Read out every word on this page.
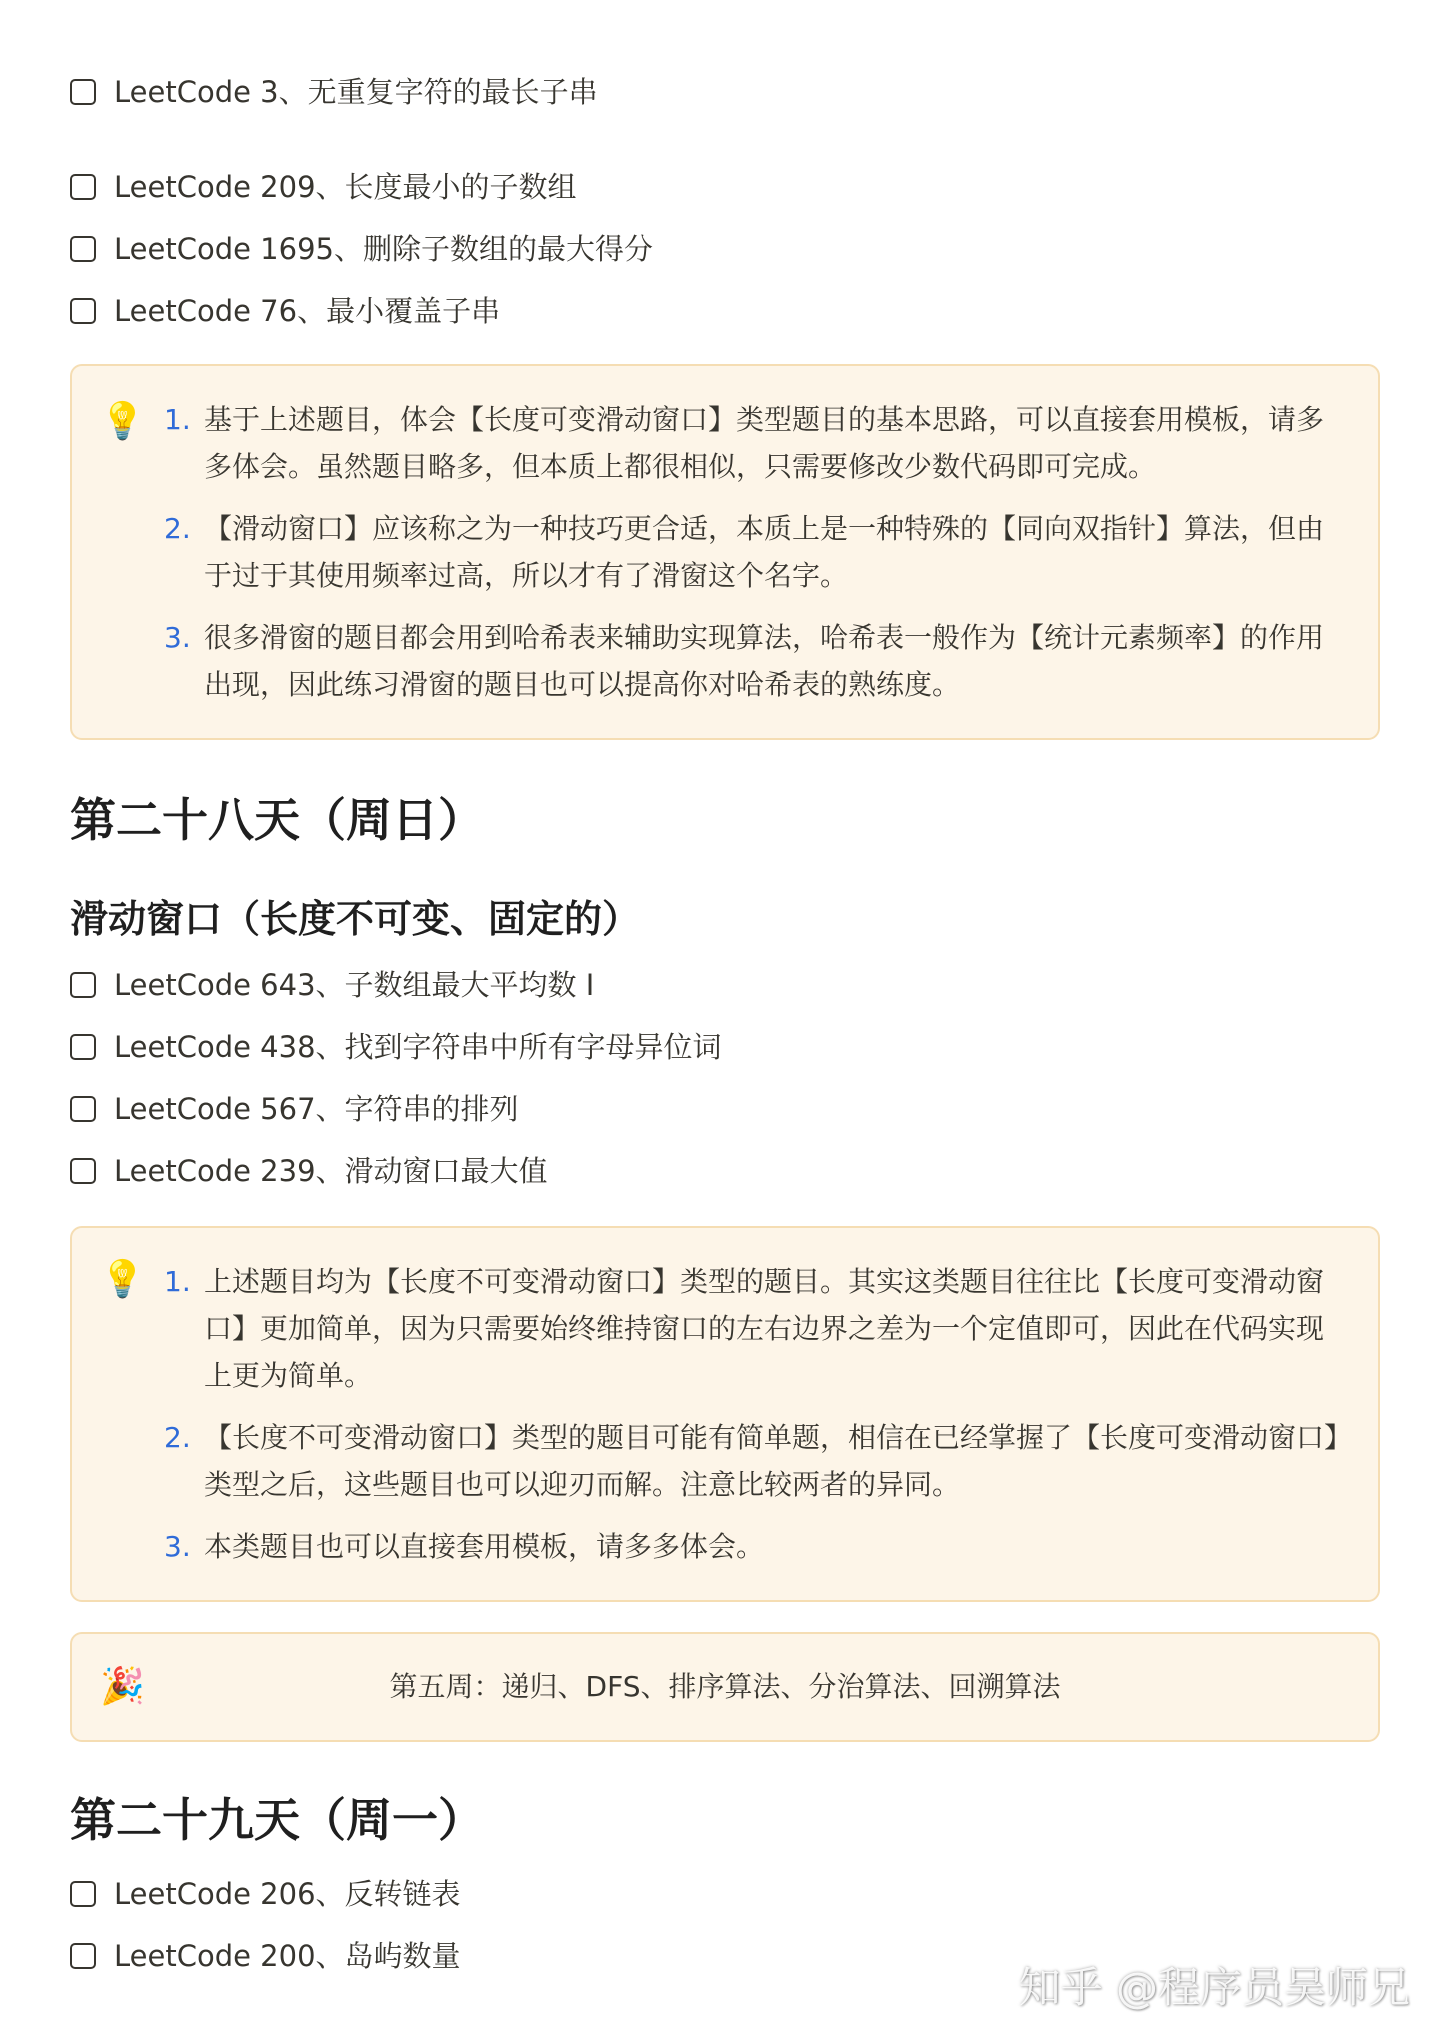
LeetCode 3、无重复字符的最长子串
LeetCode 209、长度最小的子数组
LeetCode 1695、删除子数组的最大得分
LeetCode 76、最小覆盖子串
💡 1. 基于上述题目，体会【长度可变滑动窗口】类型题目的基本思路，可以直接套用模板，请多多体会。虽然题目略多，但本质上都很相似，只需要修改少数代码即可完成。
2. 【滑动窗口】应该称之为一种技巧更合适，本质上是一种特殊的【同向双指针】算法，但由于过于其使用频率过高，所以才有了滑窗这个名字。
3. 很多滑窗的题目都会用到哈希表来辅助实现算法，哈希表一般作为【统计元素频率】的作用出现，因此练习滑窗的题目也可以提高你对哈希表的熟练度。
第二十八天（周日）
滑动窗口（长度不可变、固定的）
LeetCode 643、子数组最大平均数 I
LeetCode 438、找到字符串中所有字母异位词
LeetCode 567、字符串的排列
LeetCode 239、滑动窗口最大值
💡 1. 上述题目均为【长度不可变滑动窗口】类型的题目。其实这类题目往往比【长度可变滑动窗口】更加简单，因为只需要始终维持窗口的左右边界之差为一个定值即可，因此在代码实现上更为简单。
2. 【长度不可变滑动窗口】类型的题目可能有简单题，相信在已经掌握了【长度可变滑动窗口】类型之后，这些题目也可以迎刃而解。注意比较两者的异同。
3. 本类题目也可以直接套用模板，请多多体会。
🎉	第五周：递归、DFS、排序算法、分治算法、回溯算法
第二十九天（周一）
LeetCode 206、反转链表
LeetCode 200、岛屿数量
知乎 @程序员吴师兄
